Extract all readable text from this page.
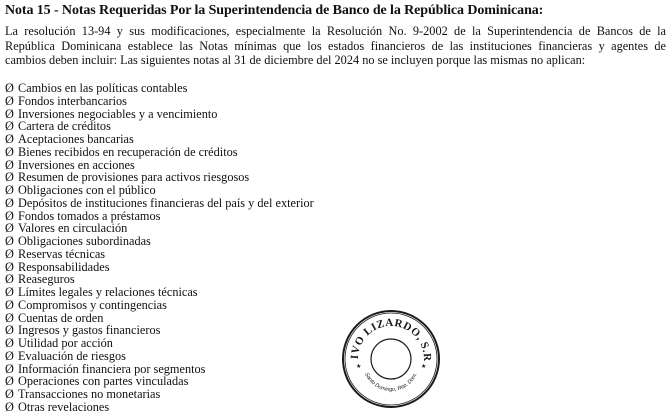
Nota 15 - Notas Requeridas Por la Superintendencia de Banco de la República Dominicana:
La resolución 13-94 y sus modificaciones, especialmente la Resolución No. 9-2002 de la Superintendencia de Bancos de la
República Dominicana establece las Notas mínimas que los estados financieros de las instituciones financieras y agentes de
cambios deben incluir: Las siguientes notas al 31 de diciembre del 2024 no se incluyen porque las mismas no aplican:
Ø Cambios en las políticas contables
Ø Fondos interbancarios
Ø Inversiones negociables y a vencimiento
Ø Cartera de créditos
Ø Aceptaciones bancarias
Ø Bienes recibidos en recuperación de créditos
Ø Inversiones en acciones
Ø Resumen de provisiones para activos riesgosos
Ø Obligaciones con el público
Ø Depósitos de instituciones financieras del país y del exterior
Ø Fondos tomados a préstamos
Ø Valores en circulación
Ø Obligaciones subordinadas
Ø Reservas técnicas
Ø Responsabilidades
Ø Reaseguros
Ø Límites legales y relaciones técnicas
Ø Compromisos y contingencias
Ø Cuentas de orden
Ø Ingresos y gastos financieros
Ø Utilidad por acción
Ø Evaluación de riesgos
Ø Información financiera por segmentos
Ø Operaciones con partes vinculadas
Ø Transacciones no monetarias
Ø Otras revelaciones
IVO LIZARDO, S.R
Santo Domingo, Rep. Dom.
★	★
